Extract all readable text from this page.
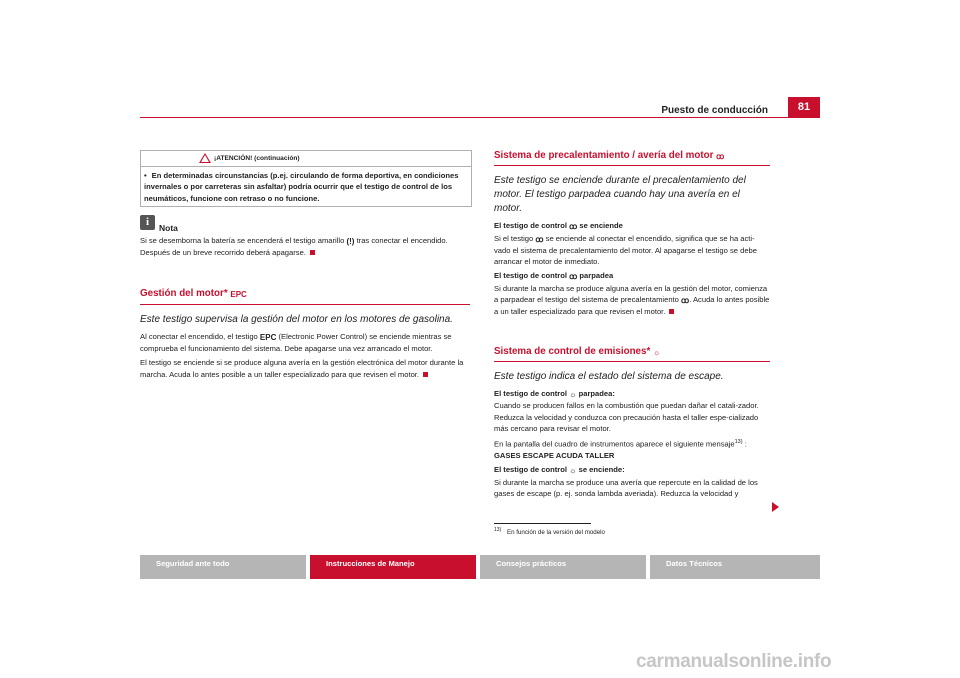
Puesto de conducción	81
¡ATENCIÓN! (continuación)
• En determinadas circunstancias (p.ej. circulando de forma deportiva, en condiciones invernales o por carreteras sin asfaltar) podría ocurrir que el testigo de control de los neumáticos, funcione con retraso o no funcione.
i	Nota

Si se desemborna la batería se encenderá el testigo amarillo (!) tras conectar el encendido. Después de un breve recorrido deberá apagarse.

Gestión del motor* EPC
Este testigo supervisa la gestión del motor en los motores de gasolina.

Al conectar el encendido, el testigo EPC (Electronic Power Control) se enciende mientras se comprueba el funcionamiento del sistema. Debe apagarse una vez arrancado el motor.

El testigo se enciende si se produce alguna avería en la gestión electrónica del motor durante la marcha. Acuda lo antes posible a un taller especializado para que revisen el motor.

Sistema de precalentamiento / avería del motor ꝏ
Este testigo se enciende durante el precalentamiento del motor. El testigo parpadea cuando hay una avería en el motor.

El testigo de control ꝏ se enciende

Si el testigo ꝏ se enciende al conectar el encendido, significa que se ha acti-vado el sistema de precalentamiento del motor. Al apagarse el testigo se debe arrancar el motor de inmediato.

El testigo de control ꝏ parpadea

Si durante la marcha se produce alguna avería en la gestión del motor, comienza a parpadear el testigo del sistema de precalentamiento ꝏ. Acuda lo antes posible a un taller especializado para que revisen el motor.

Sistema de control de emisiones* ☼
Este testigo indica el estado del sistema de escape.

El testigo de control ☼ parpadea:

Cuando se producen fallos en la combustión que puedan dañar el catali-zador. Reduzca la velocidad y conduzca con precaución hasta el taller espe-cializado más cercano para revisar el motor.

En la pantalla del cuadro de instrumentos aparece el siguiente mensaje$^{13)}$ :

GASES ESCAPE ACUDA TALLER

El testigo de control ☼ se enciende:

Si durante la marcha se produce una avería que repercute en la calidad de los gases de escape (p. ej. sonda lambda averiada). Reduzca la velocidad y

$^{13)}$ En función de la versión del modelo
Seguridad ante todo	Instrucciones de Manejo	Consejos prácticos	Datos Técnicos
carmanualsonline.info
